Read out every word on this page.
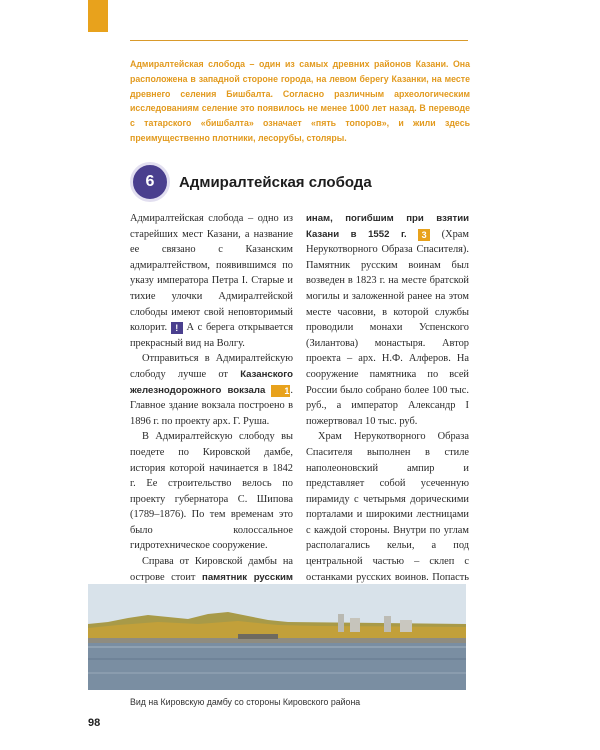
Адмиралтейская слобода – один из самых древних районов Казани. Она расположена в западной стороне города, на левом берегу Казанки, на месте древнего селения Бишбалта. Согласно различным археологическим исследованиям селение это появилось не менее 1000 лет назад. В переводе с татарского «бишбалта» означает «пять топоров», и жили здесь преимущественно плотники, лесорубы, столяры.

6	Адмиралтейская слобода

Адмиралтейская слобода – одно из старейших мест Казани, а название ее связано с Казанским адмиралтейством, появившимся по указу императора Петра I. Старые и тихие улочки Адмиралтейской слободы имеют свой неповторимый колорит. ! А с берега открывается прекрасный вид на Волгу.

Отправиться в Адмиралтейскую слободу лучше от Казанского железнодорожного вокзала 1. Главное здание вокзала построено в 1896 г. по проекту арх. Г. Руша.

В Адмиралтейскую слободу вы поедете по Кировской дамбе, история которой начинается в 1842 г. Ее строительство велось по проекту губернатора С. Шипова (1789–1876). По тем временам это было колоссальное гидротехническое сооружение.

Справа от Кировской дамбы на острове стоит памятник русским

инам, погибшим при взятии Казани в 1552 г. 3 (Храм Нерукотворного Образа Спасителя). Памятник русским воинам был возведен в 1823 г. на месте братской могилы и заложенной ранее на этом месте часовни, в которой службы проводили монахи Успенского (Зилантова) монастыря. Автор проекта – арх. Н.Ф. Алферов. На сооружение памятника по всей России было собрано более 100 тыс. руб., а император Александр I пожертвовал 10 тыс. руб.

Храм Нерукотворного Образа Спасителя выполнен в стиле наполеоновский ампир и представляет собой усеченную пирамиду с четырьмя дорическими порталами и широкими лестницами с каждой стороны. Внутри по углам располагались кельи, а под центральной частью – склеп с останками русских воинов. Попасть

Вид на Кировскую дамбу со стороны Кировского района

98
